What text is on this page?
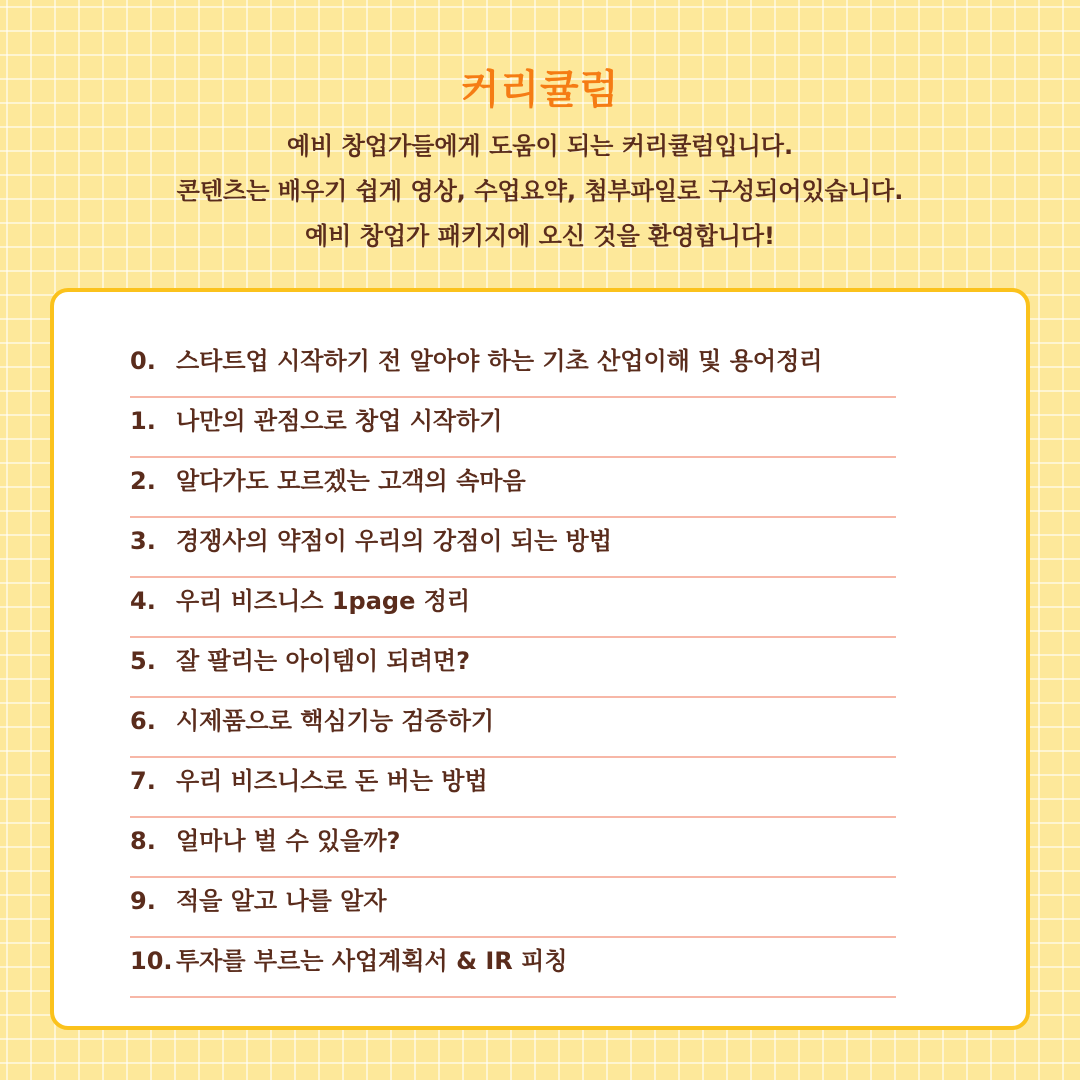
커리큘럼
예비 창업가들에게 도움이 되는 커리큘럼입니다.
콘텐츠는 배우기 쉽게 영상, 수업요약, 첨부파일로 구성되어있습니다.
예비 창업가 패키지에 오신 것을 환영합니다!
0. 스타트업 시작하기 전 알아야 하는 기초 산업이해 및 용어정리
1. 나만의 관점으로 창업 시작하기
2. 알다가도 모르겠는 고객의 속마음
3. 경쟁사의 약점이 우리의 강점이 되는 방법
4. 우리 비즈니스 1page 정리
5. 잘 팔리는 아이템이 되려면?
6. 시제품으로 핵심기능 검증하기
7. 우리 비즈니스로 돈 버는 방법
8. 얼마나 벌 수 있을까?
9. 적을 알고 나를 알자
10. 투자를 부르는 사업계획서 & IR 피칭
